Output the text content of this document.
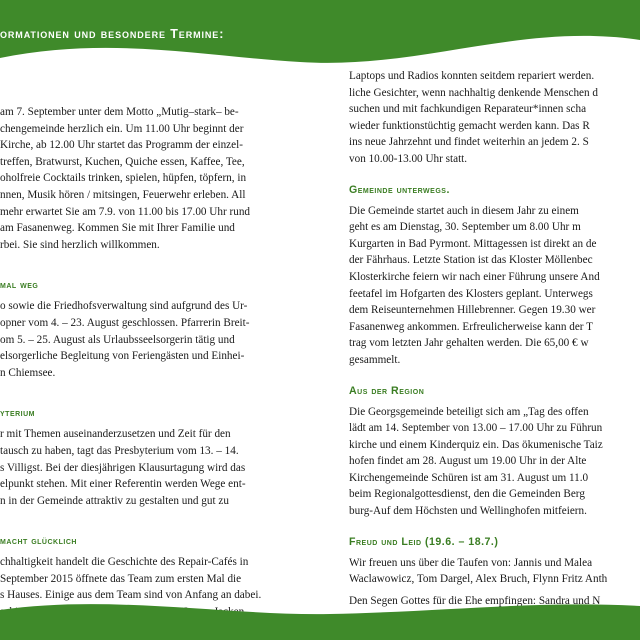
ormationen und besondere Termine:
am 7. September unter dem Motto „Mutig–stark– be-
chengemeinde herzlich ein. Um 11.00 Uhr beginnt der
Kirche, ab 12.00 Uhr startet das Programm der einzel-
treffen, Bratwurst, Kuchen, Quiche essen, Kaffee, Tee,
oholfreie Cocktails trinken, spielen, hüpfen, töpfern, in
nnen, Musik hören / mitsingen, Feuerwehr erleben. All
mehr erwartet Sie am 7.9. von 11.00 bis 17.00 Uhr rund
am Fasanenweg. Kommen Sie mit Ihrer Familie und
rbei. Sie sind herzlich willkommen.
mal weg
o sowie die Friedhofsverwaltung sind aufgrund des Ur-
opner vom 4. – 23. August geschlossen. Pfarrerin Breit-
om 5. – 25. August als Urlaubsseelsorgerin tätig und
elsorgerliche Begleitung von Feriengästen und Einhei-
n Chiemsee.
yterium
r mit Themen auseinanderzusetzen und Zeit für den
tausch zu haben, tagt das Presbyterium vom 13. – 14.
s Villigst. Bei der diesjährigen Klausurtagung wird das
elpunkt stehen. Mit einer Referentin werden Wege ent-
n in der Gemeinde attraktiv zu gestalten und gut zu
macht glücklich
chhaltigkeit handelt die Geschichte des Repair-Cafés in
September 2015 öffnete das Team zum ersten Mal die
s Hauses. Einige aus dem Team sind von Anfang an dabei.
Laptops und Radios konnten seitdem repariert werden.
liche Gesichter, wenn nachhaltig denkende Menschen d
suchen und mit fachkundigen Reparateur*innen scha
wieder funktionstüchtig gemacht werden kann. Das R
ins neue Jahrzehnt und findet weiterhin an jedem 2. S
von 10.00-13.00 Uhr statt.
Gemeinde unterwegs.
Die Gemeinde startet auch in diesem Jahr zu einem
geht es am Dienstag, 30. September um 8.00 Uhr m
Kurgarten in Bad Pyrmont. Mittagessen ist direkt an de
der Fährhaus. Letzte Station ist das Kloster Möllenbec
Klosterkirche feiern wir nach einer Führung unsere And
feetafel im Hofgarten des Klosters geplant. Unterwegs
dem Reiseunternehmen Hillebrenner. Gegen 19.30 wer
Fasanenweg ankommen. Erfreulicherweise kann der T
trag vom letzten Jahr gehalten werden. Die 65,00 € w
gesammelt.
Aus der Region
Die Georgsgemeinde beteiligt sich am „Tag des offen
lädt am 14. September von 13.00 – 17.00 Uhr zu Führun
kirche und einem Kinderquiz ein. Das ökumenische Taiz
hofen findet am 28. August um 19.00 Uhr in der Alte
Kirchengemeinde Schüren ist am 31. August um 11.0
beim Regionalgottesdienst, den die Gemeinden Berg
burg-Auf dem Höchsten und Wellinghofen mitfeiern.
Freud und Leid (19.6. – 18.7.)
Wir freuen uns über die Taufen von: Jannis und Malea
Waclawowicz, Tom Dargel, Alex Bruch, Flynn Fritz Anth
Den Segen Gottes für die Ehe empfingen: Sandra und N
